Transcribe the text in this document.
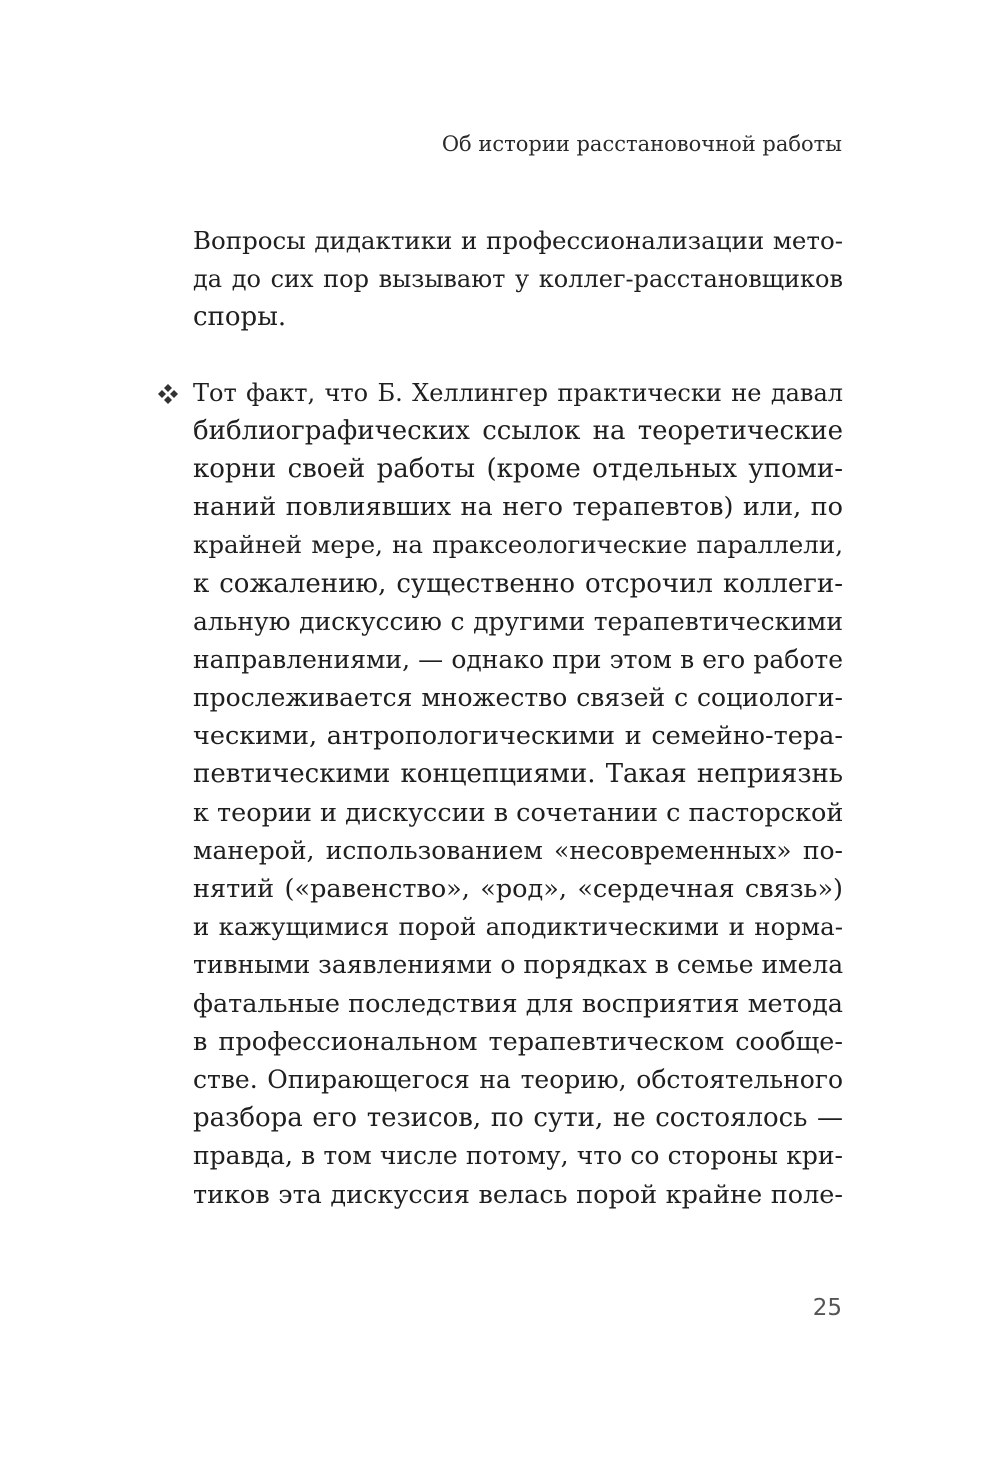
Об истории расстановочной работы
Вопросы дидактики и профессионализации мето-
да до сих пор вызывают у коллег-расстановщиков
споры.
Тот факт, что Б. Хеллингер практически не давал
библиографических ссылок на теоретические
корни своей работы (кроме отдельных упоми-
наний повлиявших на него терапевтов) или, по
крайней мере, на праксеологические параллели,
к сожалению, существенно отсрочил коллеги-
альную дискуссию с другими терапевтическими
направлениями, — однако при этом в его работе
прослеживается множество связей с социологи-
ческими, антропологическими и семейно-тера-
певтическими концепциями. Такая неприязнь
к теории и дискуссии в сочетании с пасторской
манерой, использованием «несовременных» по-
нятий («равенство», «род», «сердечная связь»)
и кажущимися порой аподиктическими и норма-
тивными заявлениями о порядках в семье имела
фатальные последствия для восприятия метода
в профессиональном терапевтическом сообще-
стве. Опирающегося на теорию, обстоятельного
разбора его тезисов, по сути, не состоялось —
правда, в том числе потому, что со стороны кри-
тиков эта дискуссия велась порой крайне поле-
25
